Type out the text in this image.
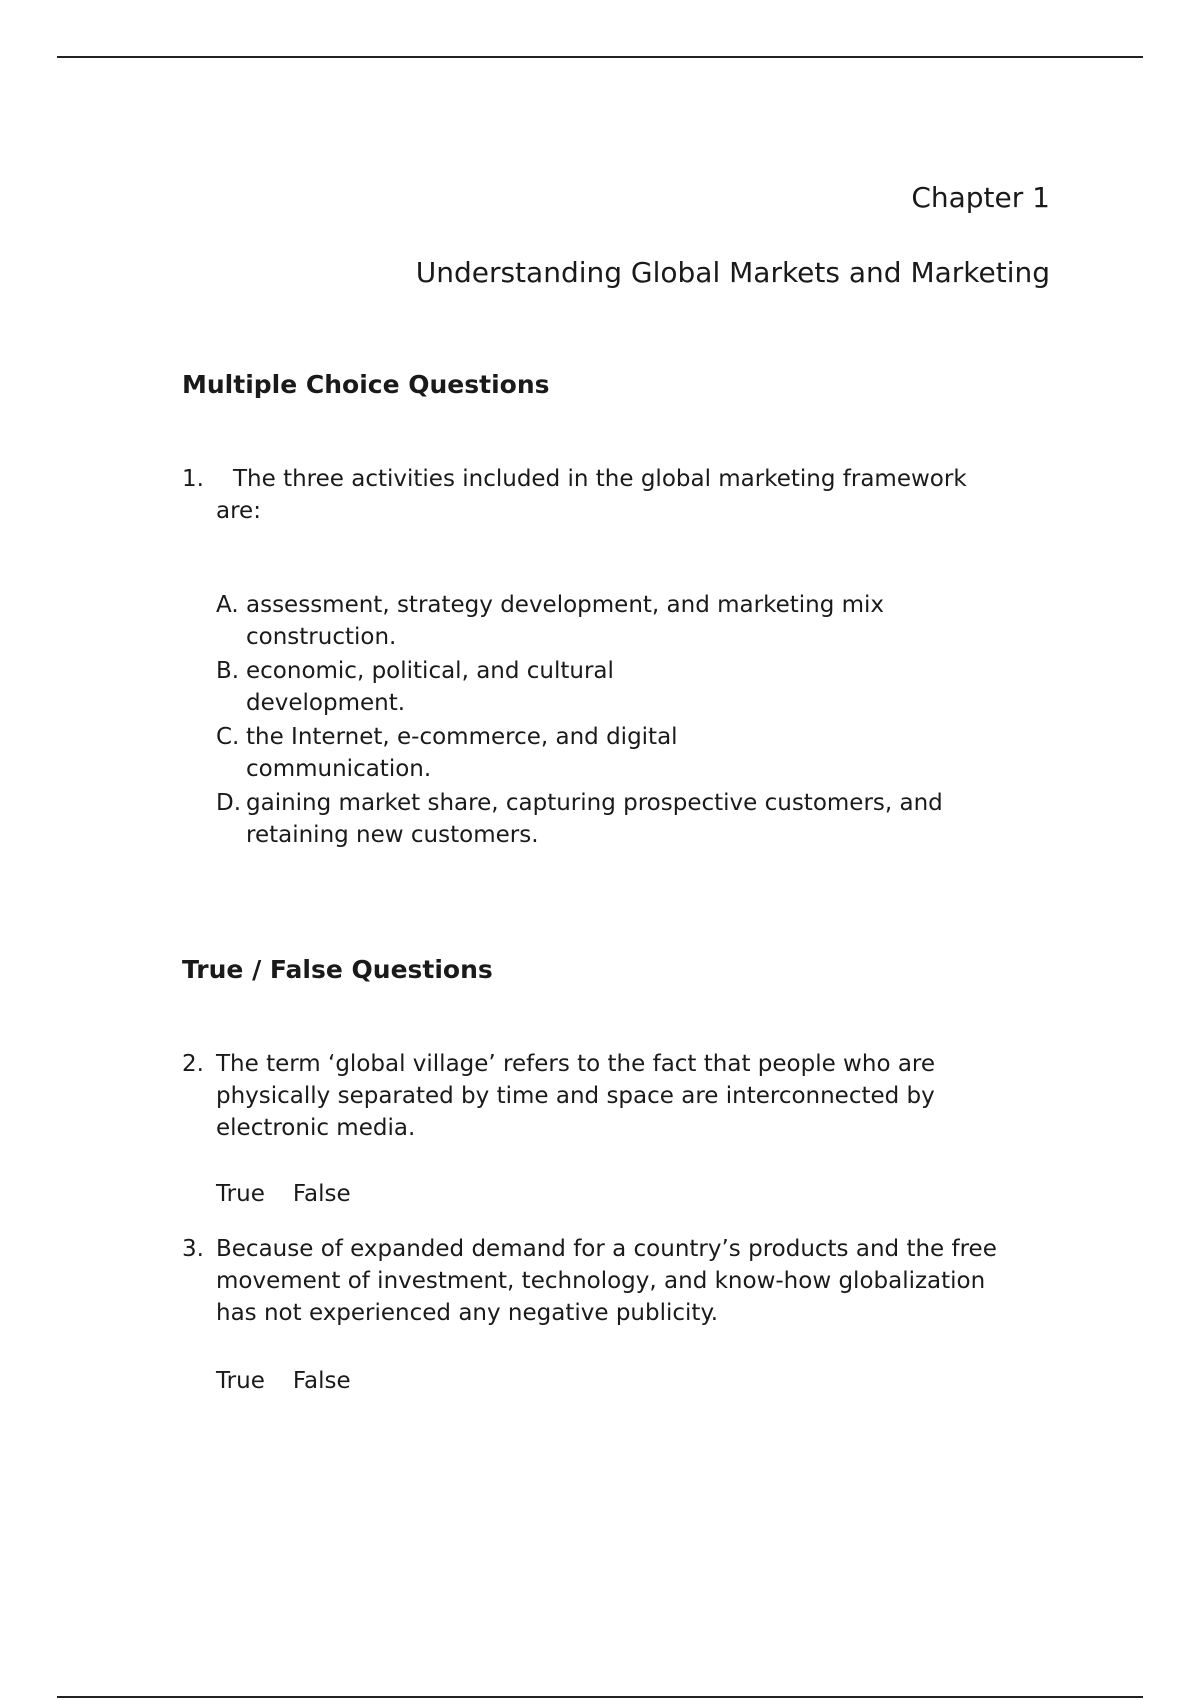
Chapter 1
Understanding Global Markets and Marketing
Multiple Choice Questions
1. The three activities included in the global marketing framework
are:
A. assessment, strategy development, and marketing mix
construction.
B. economic, political, and cultural
development.
C. the Internet, e-commerce, and digital
communication.
D. gaining market share, capturing prospective customers, and
retaining new customers.
True / False Questions
2. The term ‘global village’ refers to the fact that people who are
physically separated by time and space are interconnected by
electronic media.
True False
3. Because of expanded demand for a country’s products and the free
movement of investment, technology, and know-how globalization
has not experienced any negative publicity.
True False
